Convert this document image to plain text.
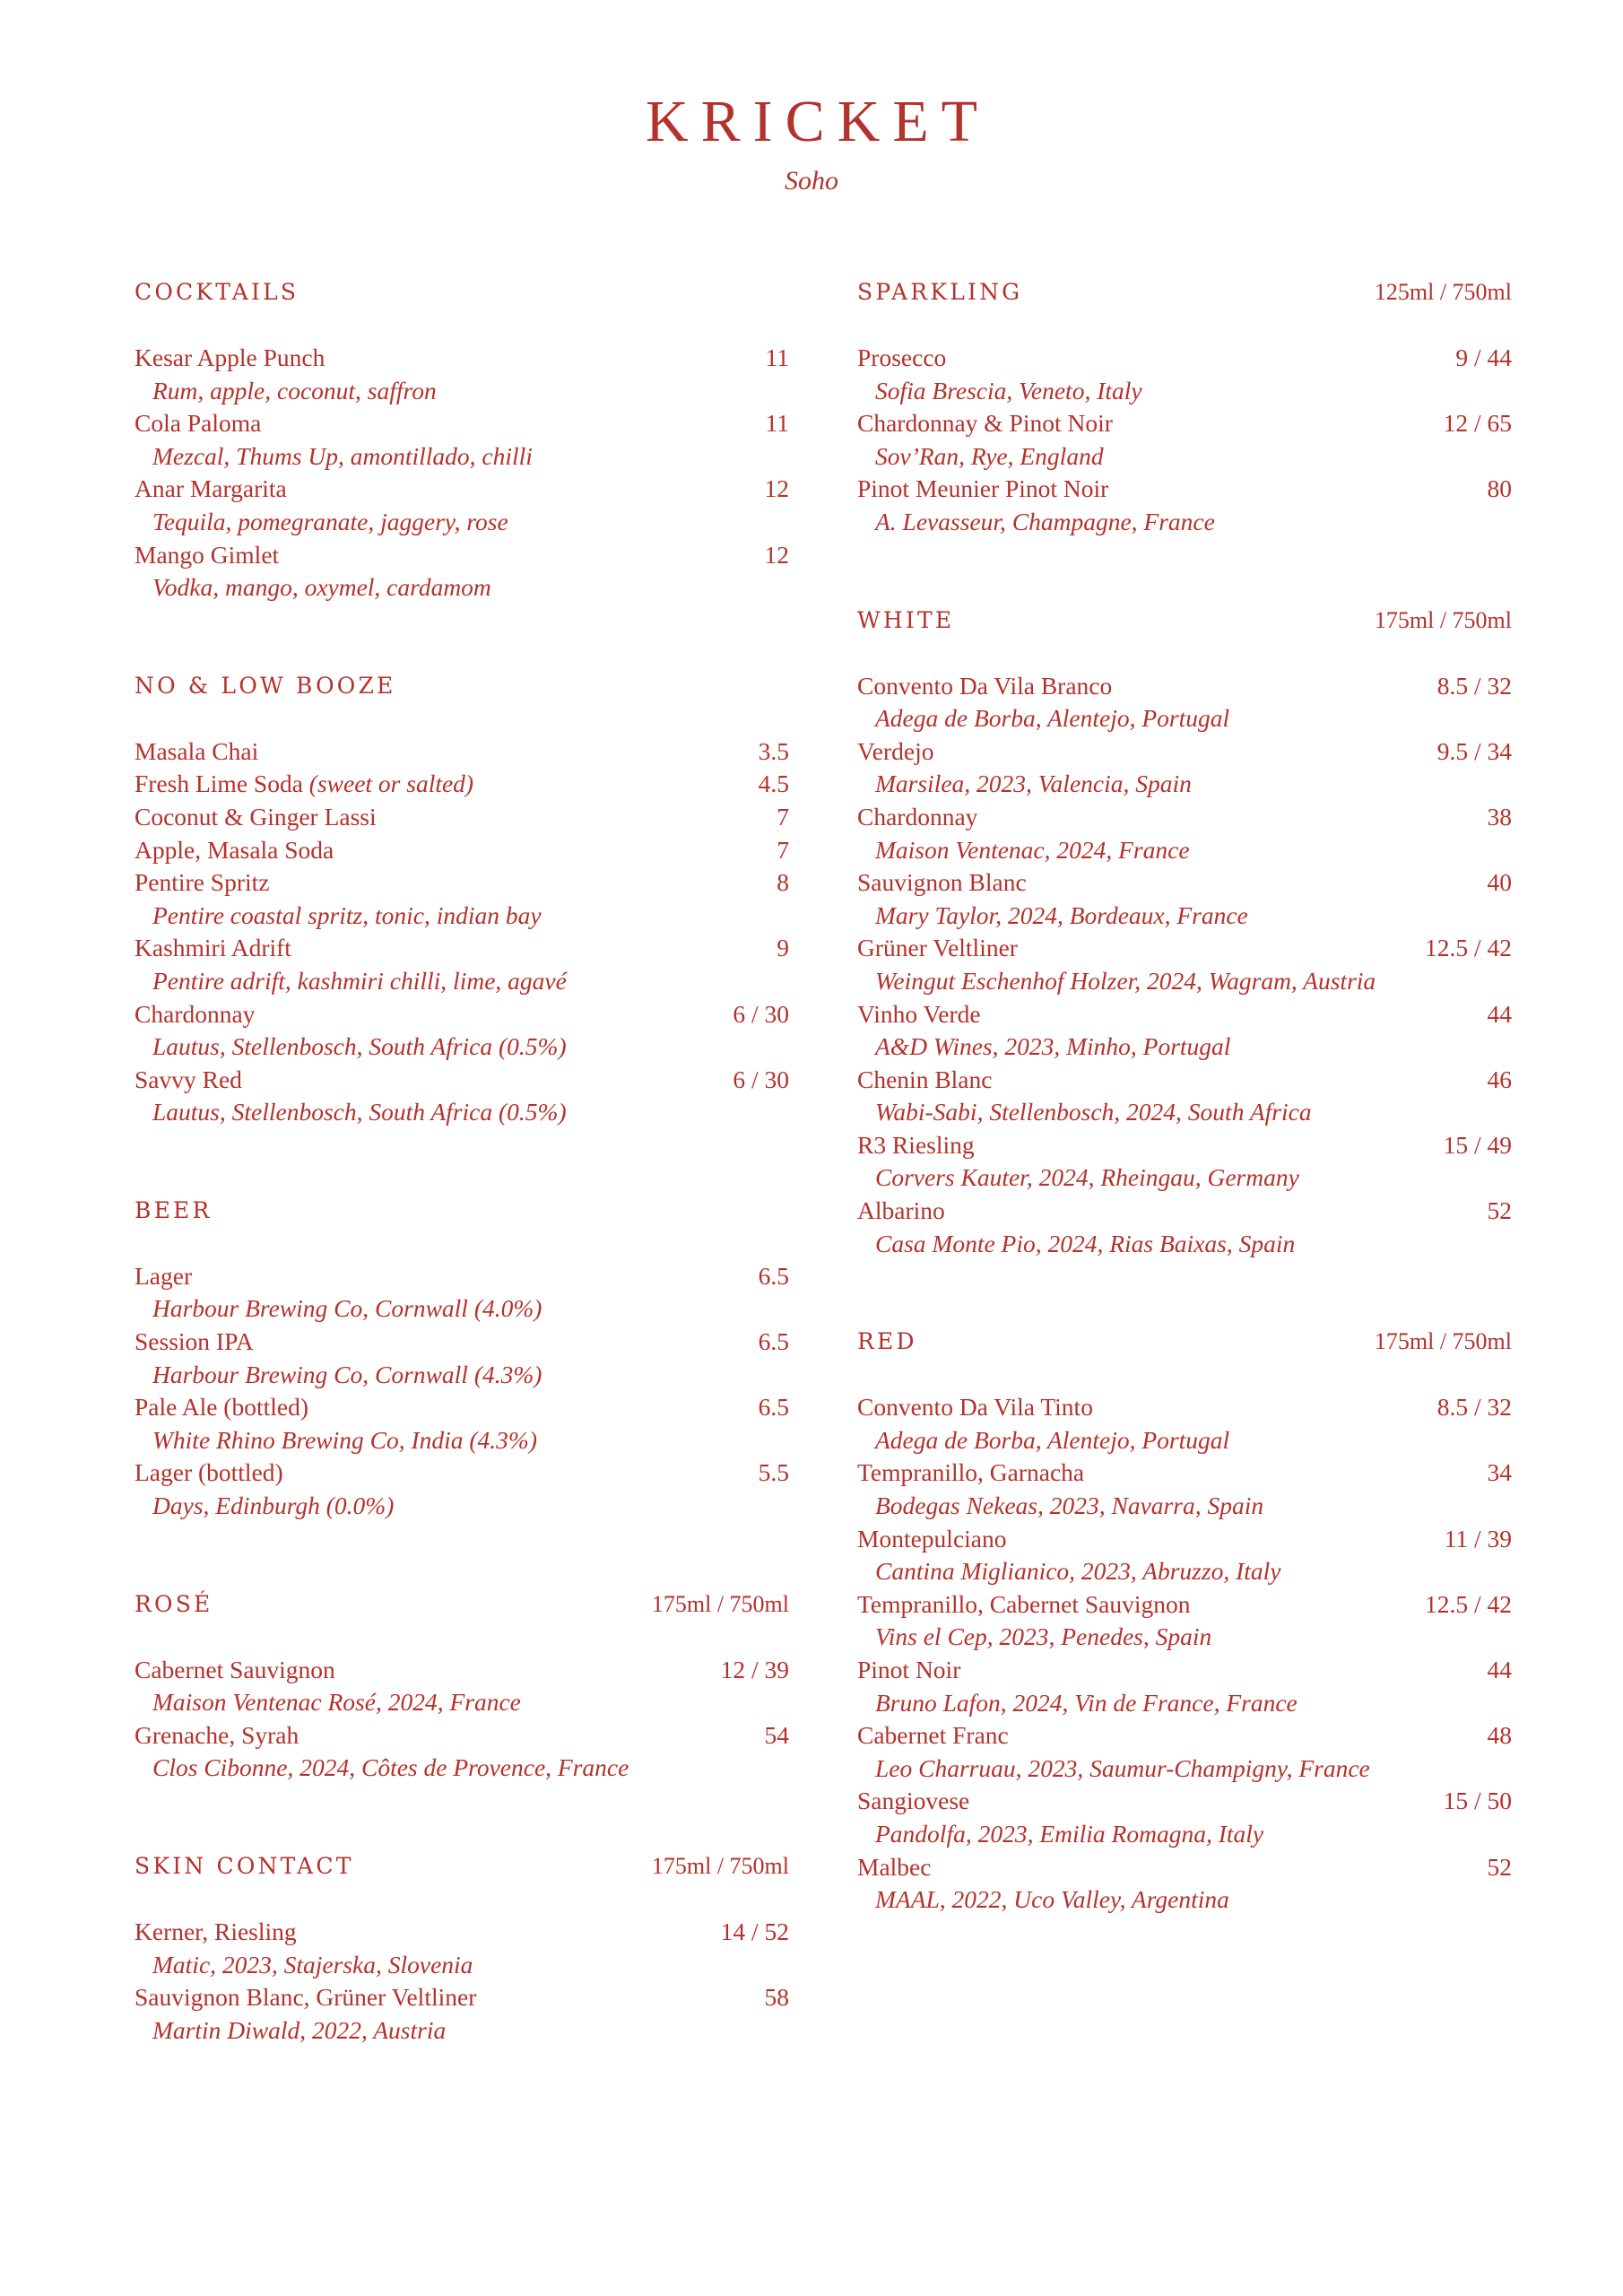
KRICKET
Soho
COCKTAILS
Kesar Apple Punch	11
Rum, apple, coconut, saffron
Cola Paloma	11
Mezcal, Thums Up, amontillado, chilli
Anar Margarita	12
Tequila, pomegranate, jaggery, rose
Mango Gimlet	12
Vodka, mango, oxymel, cardamom
NO & LOW BOOZE
Masala Chai	3.5
Fresh Lime Soda (sweet or salted)	4.5
Coconut & Ginger Lassi	7
Apple, Masala Soda	7
Pentire Spritz	8
Pentire coastal spritz, tonic, indian bay
Kashmiri Adrift	9
Pentire adrift, kashmiri chilli, lime, agavé
Chardonnay	6 / 30
Lautus, Stellenbosch, South Africa (0.5%)
Savvy Red	6 / 30
Lautus, Stellenbosch, South Africa (0.5%)
BEER
Lager	6.5
Harbour Brewing Co, Cornwall (4.0%)
Session IPA	6.5
Harbour Brewing Co, Cornwall (4.3%)
Pale Ale (bottled)	6.5
White Rhino Brewing Co, India (4.3%)
Lager (bottled)	5.5
Days, Edinburgh (0.0%)
ROSÉ	175ml / 750ml
Cabernet Sauvignon	12 / 39
Maison Ventenac Rosé, 2024, France
Grenache, Syrah	54
Clos Cibonne, 2024, Côtes de Provence, France
SKIN CONTACT	175ml / 750ml
Kerner, Riesling	14 / 52
Matic, 2023, Stajerska, Slovenia
Sauvignon Blanc, Grüner Veltliner	58
Martin Diwald, 2022, Austria
SPARKLING	125ml / 750ml
Prosecco	9 / 44
Sofia Brescia, Veneto, Italy
Chardonnay & Pinot Noir	12 / 65
Sov’Ran, Rye, England
Pinot Meunier Pinot Noir	80
A. Levasseur, Champagne, France
WHITE	175ml / 750ml
Convento Da Vila Branco	8.5 / 32
Adega de Borba, Alentejo, Portugal
Verdejo	9.5 / 34
Marsilea, 2023, Valencia, Spain
Chardonnay	38
Maison Ventenac, 2024, France
Sauvignon Blanc	40
Mary Taylor, 2024, Bordeaux, France
Grüner Veltliner	12.5 / 42
Weingut Eschenhof Holzer, 2024, Wagram, Austria
Vinho Verde	44
A&D Wines, 2023, Minho, Portugal
Chenin Blanc	46
Wabi-Sabi, Stellenbosch, 2024, South Africa
R3 Riesling	15 / 49
Corvers Kauter, 2024, Rheingau, Germany
Albarino	52
Casa Monte Pio, 2024, Rias Baixas, Spain
RED	175ml / 750ml
Convento Da Vila Tinto	8.5 / 32
Adega de Borba, Alentejo, Portugal
Tempranillo, Garnacha	34
Bodegas Nekeas, 2023, Navarra, Spain
Montepulciano	11 / 39
Cantina Miglianico, 2023, Abruzzo, Italy
Tempranillo, Cabernet Sauvignon	12.5 / 42
Vins el Cep, 2023, Penedes, Spain
Pinot Noir	44
Bruno Lafon, 2024, Vin de France, France
Cabernet Franc	48
Leo Charruau, 2023, Saumur-Champigny, France
Sangiovese	15 / 50
Pandolfa, 2023, Emilia Romagna, Italy
Malbec	52
MAAL, 2022, Uco Valley, Argentina
